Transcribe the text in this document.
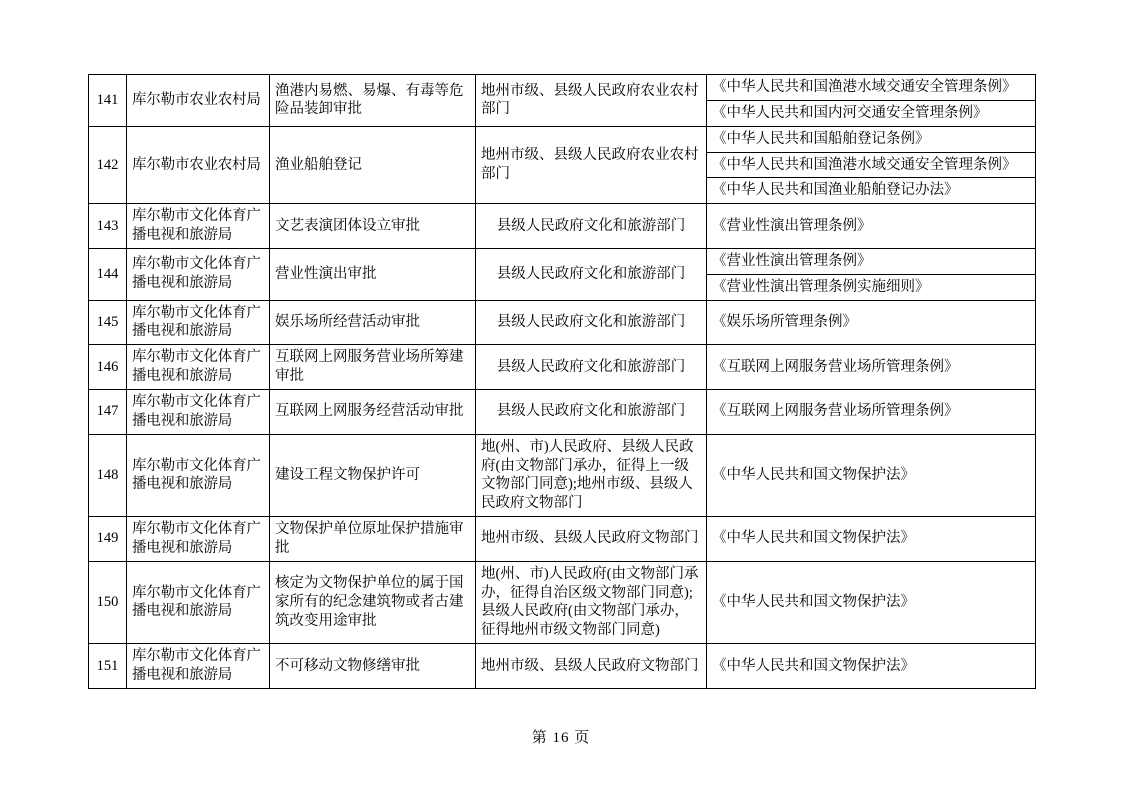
141	库尔勒市农业农村局	渔港内易燃、易爆、有毒等危险品装卸审批	地州市级、县级人民政府农业农村部门	《中华人民共和国渔港水域交通安全管理条例》
				《中华人民共和国内河交通安全管理条例》
142	库尔勒市农业农村局	渔业船舶登记	地州市级、县级人民政府农业农村部门	《中华人民共和国船舶登记条例》
				《中华人民共和国渔港水域交通安全管理条例》
				《中华人民共和国渔业船舶登记办法》
143	库尔勒市文化体育广播电视和旅游局	文艺表演团体设立审批	县级人民政府文化和旅游部门	《营业性演出管理条例》
144	库尔勒市文化体育广播电视和旅游局	营业性演出审批	县级人民政府文化和旅游部门	《营业性演出管理条例》
				《营业性演出管理条例实施细则》
145	库尔勒市文化体育广播电视和旅游局	娱乐场所经营活动审批	县级人民政府文化和旅游部门	《娱乐场所管理条例》
146	库尔勒市文化体育广播电视和旅游局	互联网上网服务营业场所筹建审批	县级人民政府文化和旅游部门	《互联网上网服务营业场所管理条例》
147	库尔勒市文化体育广播电视和旅游局	互联网上网服务经营活动审批	县级人民政府文化和旅游部门	《互联网上网服务营业场所管理条例》
148	库尔勒市文化体育广播电视和旅游局	建设工程文物保护许可	地(州、市)人民政府、县级人民政府(由文物部门承办，征得上一级文物部门同意);地州市级、县级人民政府文物部门	《中华人民共和国文物保护法》
149	库尔勒市文化体育广播电视和旅游局	文物保护单位原址保护措施审批	地州市级、县级人民政府文物部门	《中华人民共和国文物保护法》
150	库尔勒市文化体育广播电视和旅游局	核定为文物保护单位的属于国家所有的纪念建筑物或者古建筑改变用途审批	地(州、市)人民政府(由文物部门承办，征得自治区级文物部门同意);县级人民政府(由文物部门承办，征得地州市级文物部门同意)	《中华人民共和国文物保护法》
151	库尔勒市文化体育广播电视和旅游局	不可移动文物修缮审批	地州市级、县级人民政府文物部门	《中华人民共和国文物保护法》
第 16 页
